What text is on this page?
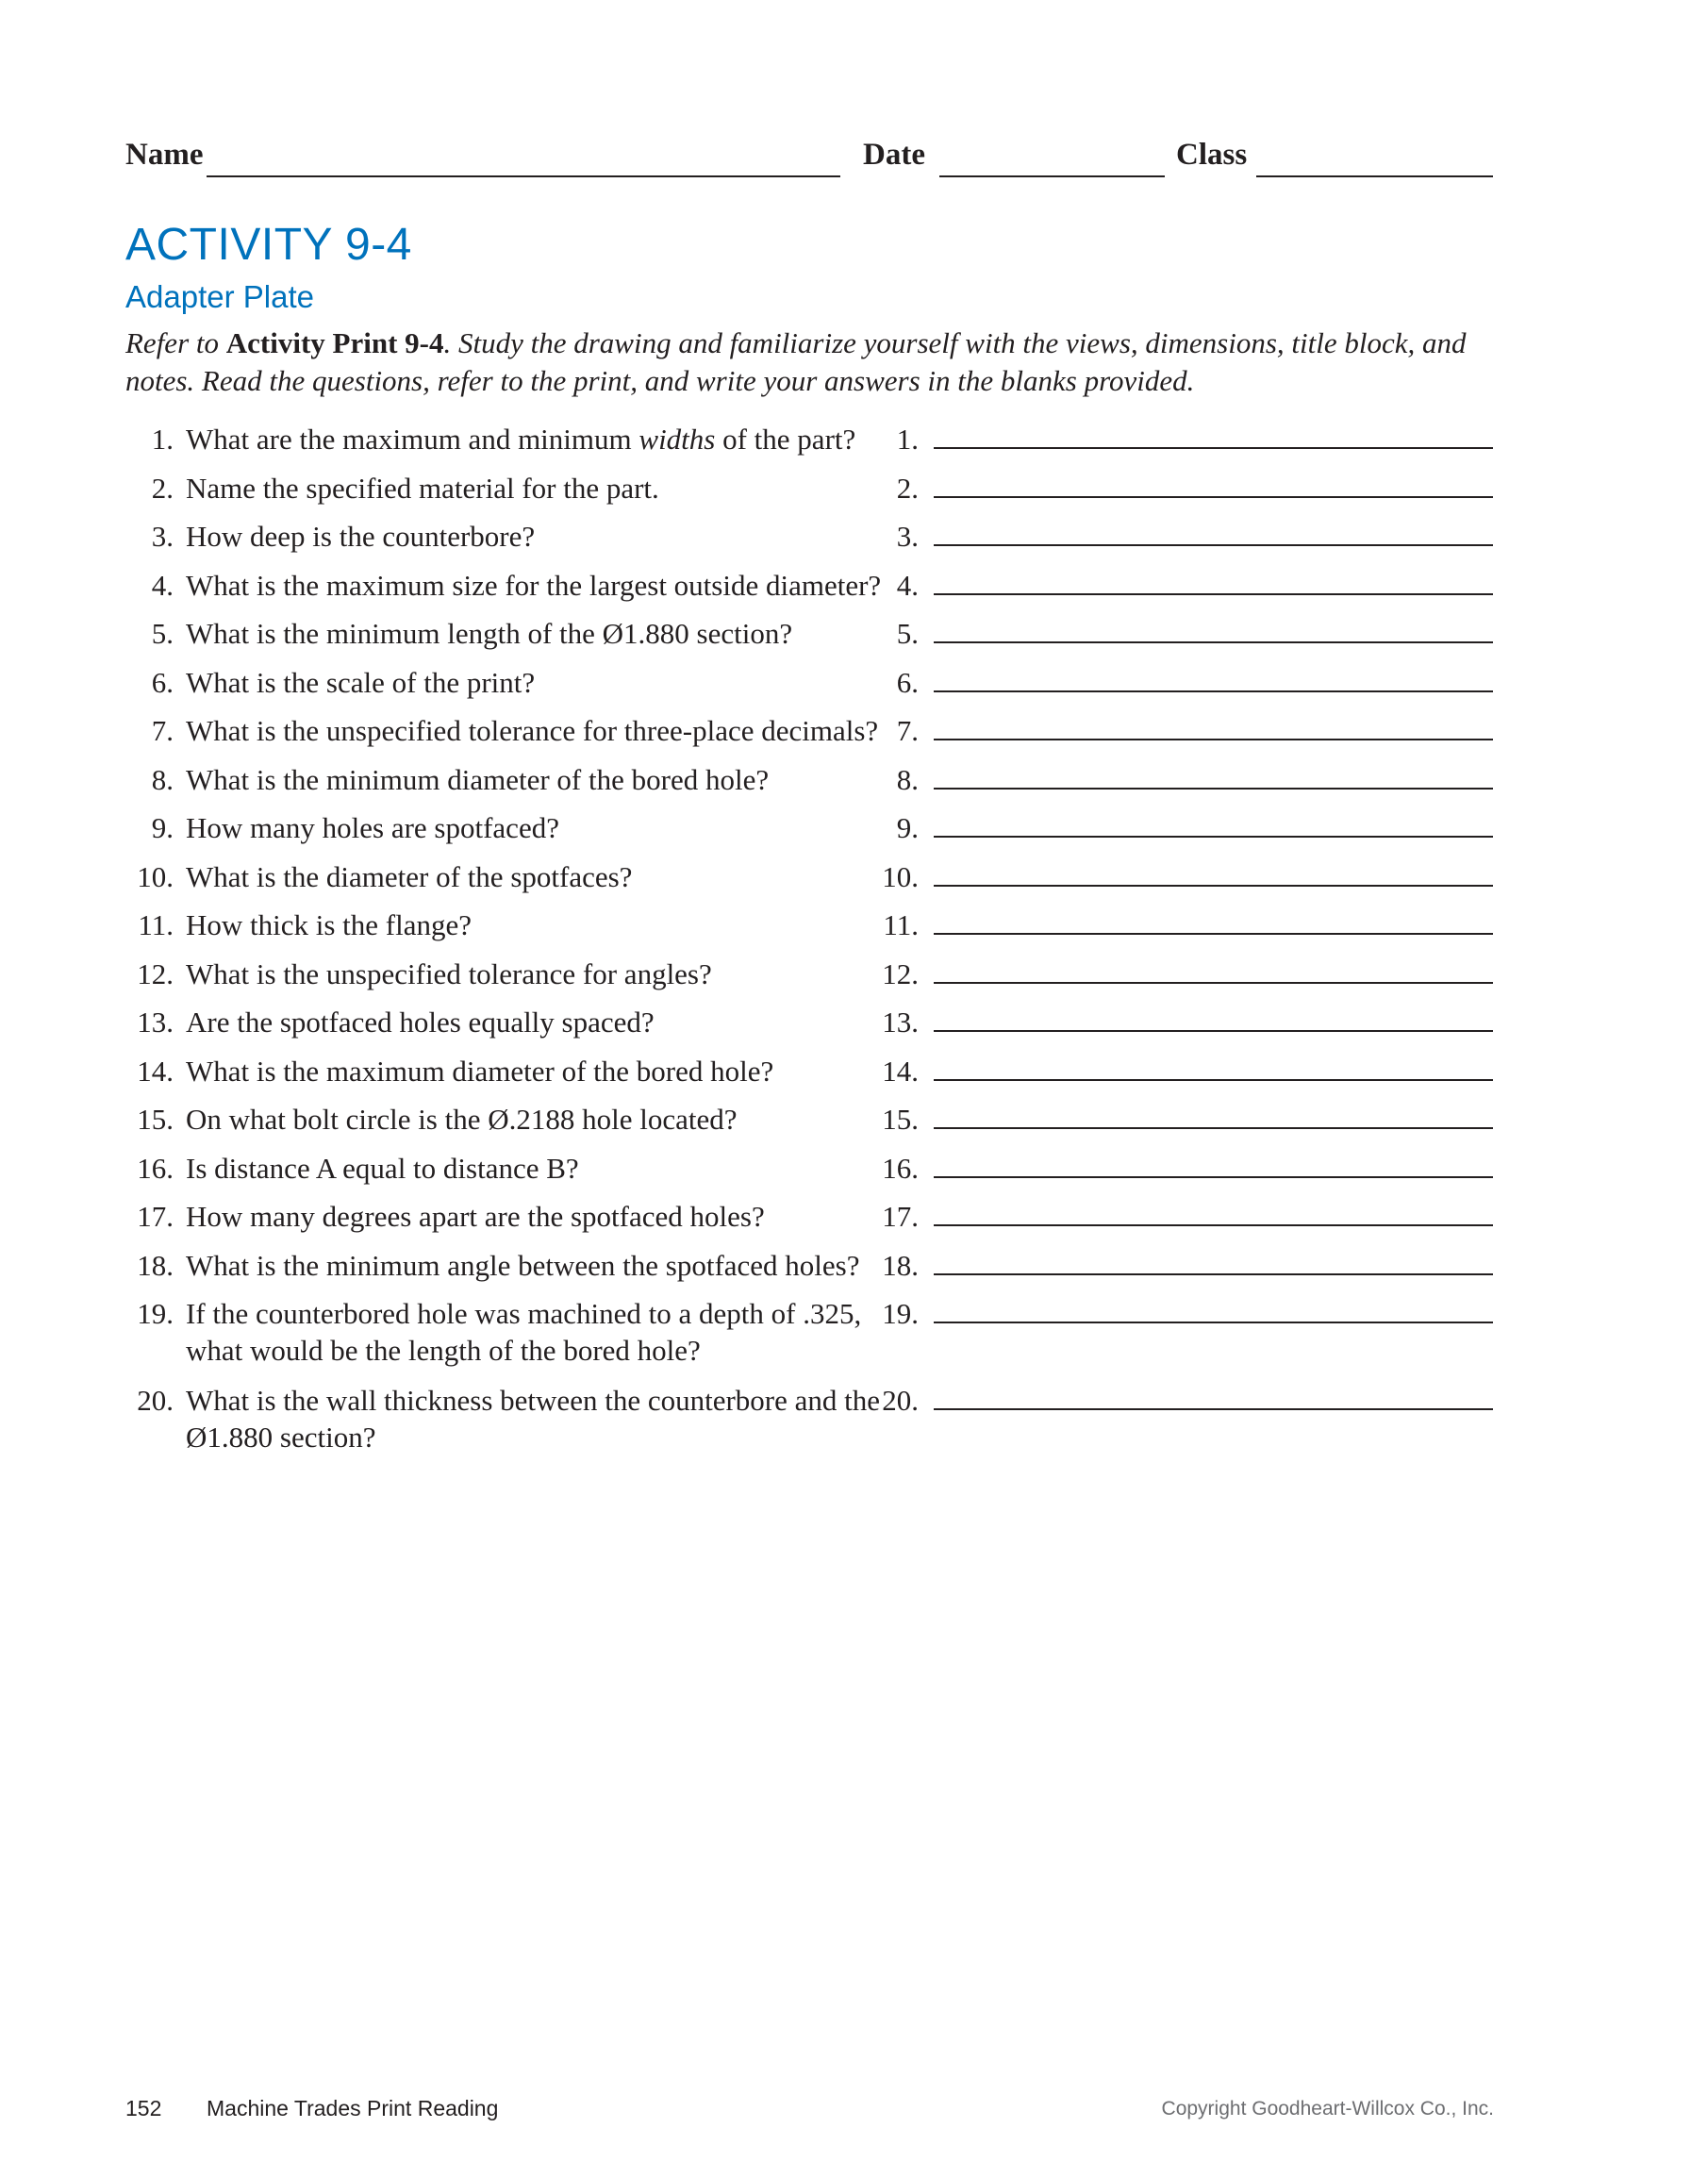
Name	Date	Class
ACTIVITY 9-4
Adapter Plate
Refer to Activity Print 9-4. Study the drawing and familiarize yourself with the views, dimensions, title block, and notes. Read the questions, refer to the print, and write your answers in the blanks provided.
1. What are the maximum and minimum widths of the part?	1.
2. Name the specified material for the part.	2.
3. How deep is the counterbore?	3.
4. What is the maximum size for the largest outside diameter? 4.
5. What is the minimum length of the Ø1.880 section?	5.
6. What is the scale of the print?	6.
7. What is the unspecified tolerance for three-place decimals? 7.
8. What is the minimum diameter of the bored hole?	8.
9. How many holes are spotfaced?	9.
10. What is the diameter of the spotfaces?	10.
11. How thick is the flange?	11.
12. What is the unspecified tolerance for angles?	12.
13. Are the spotfaced holes equally spaced?	13.
14. What is the maximum diameter of the bored hole?	14.
15. On what bolt circle is the Ø.2188 hole located?	15.
16. Is distance A equal to distance B?	16.
17. How many degrees apart are the spotfaced holes?	17.
18. What is the minimum angle between the spotfaced holes? 18.
19. If the counterbored hole was machined to a depth of .325, what would be the length of the bored hole?
19.
20. What is the wall thickness between the counterbore and the Ø1.880 section?
20.
152 Machine Trades Print Reading	Copyright Goodheart-Willcox Co., Inc.
